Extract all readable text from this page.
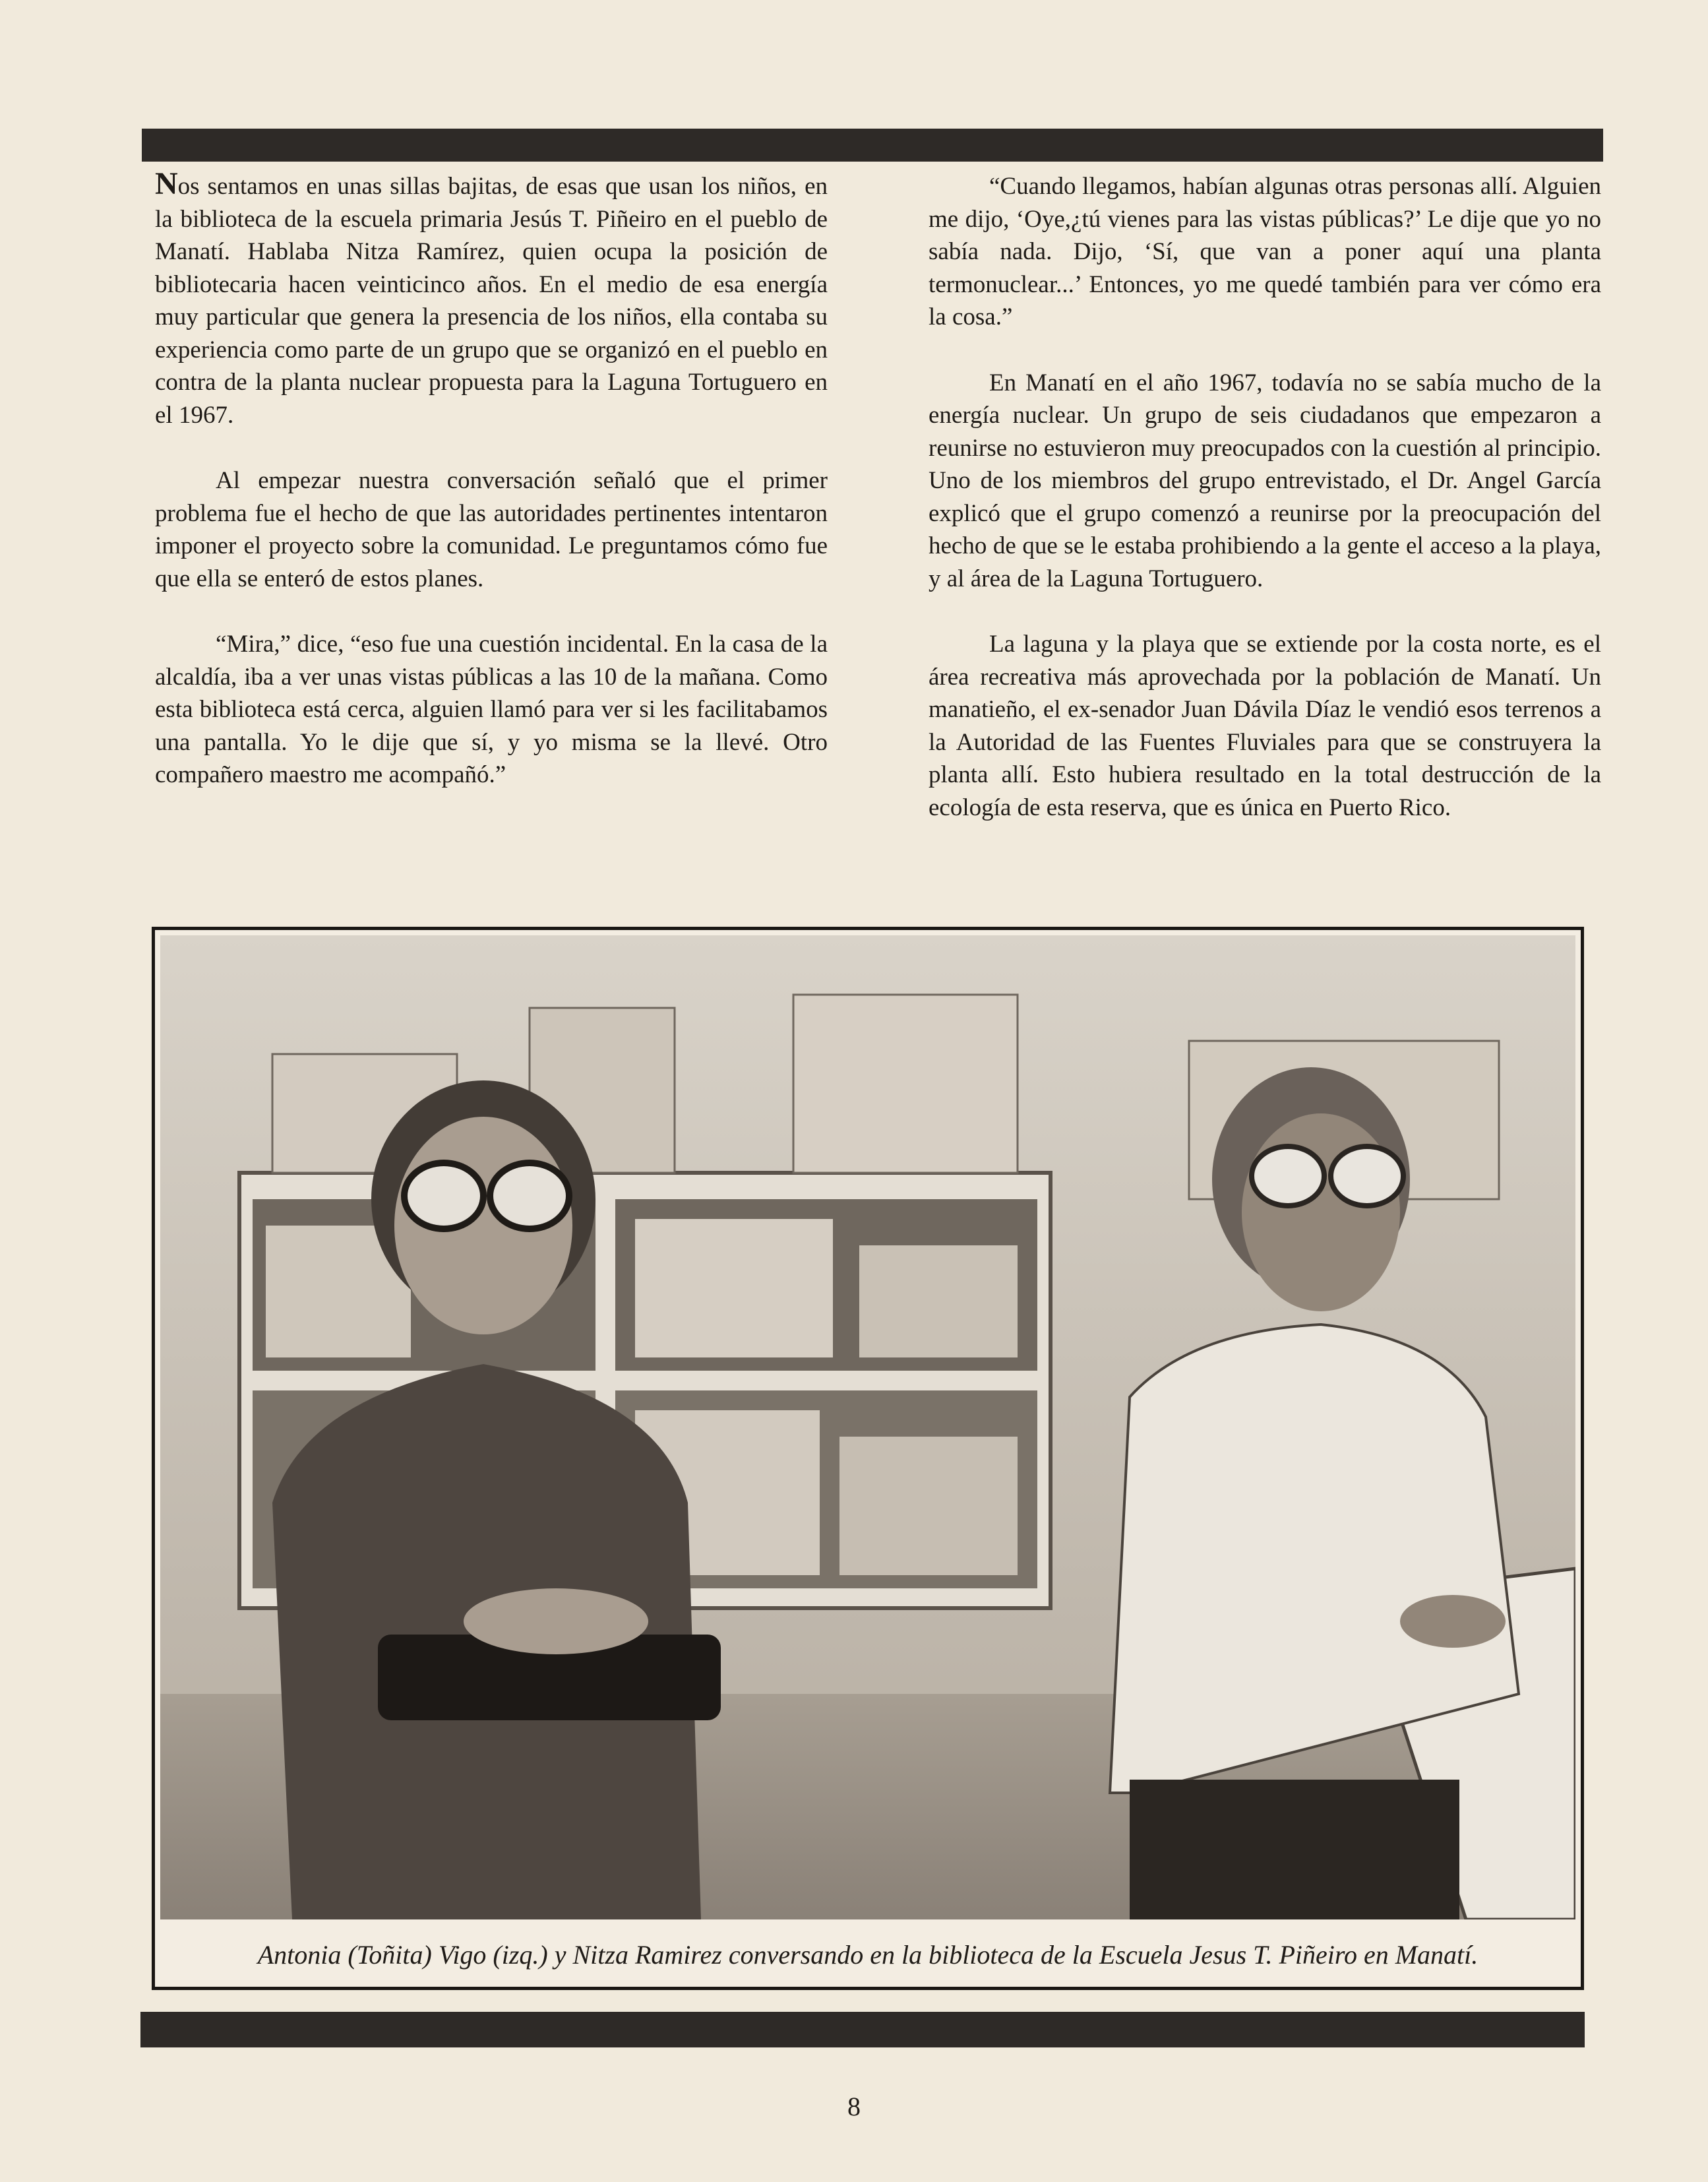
Nos sentamos en unas sillas bajitas, de esas que usan los niños, en la biblioteca de la escuela primaria Jesús T. Piñeiro en el pueblo de Manatí. Hablaba Nitza Ramírez, quien ocupa la posición de bibliotecaria hacen veinticinco años. En el medio de esa energía muy particular que genera la presencia de los niños, ella contaba su experiencia como parte de un grupo que se organizó en el pueblo en contra de la planta nuclear propuesta para la Laguna Tortuguero en el 1967.

Al empezar nuestra conversación señaló que el primer problema fue el hecho de que las autoridades pertinentes intentaron imponer el proyecto sobre la comunidad. Le preguntamos cómo fue que ella se enteró de estos planes.

“Mira,” dice, “eso fue una cuestión incidental. En la casa de la alcaldía, iba a ver unas vistas públicas a las 10 de la mañana. Como esta biblioteca está cerca, alguien llamó para ver si les facilitabamos una pantalla. Yo le dije que sí, y yo misma se la llevé. Otro compañero maestro me acompañó.”

“Cuando llegamos, habían algunas otras personas allí. Alguien me dijo, ‘Oye,¿tú vienes para las vistas públicas?’ Le dije que yo no sabía nada. Dijo, ‘Sí, que van a poner aquí una planta termonuclear...’ Entonces, yo me quedé también para ver cómo era la cosa.”

En Manatí en el año 1967, todavía no se sabía mucho de la energía nuclear. Un grupo de seis ciudadanos que empezaron a reunirse no estuvieron muy preocupados con la cuestión al principio. Uno de los miembros del grupo entrevistado, el Dr. Angel García explicó que el grupo comenzó a reunirse por la preocupación del hecho de que se le estaba prohibiendo a la gente el acceso a la playa, y al área de la Laguna Tortuguero.

La laguna y la playa que se extiende por la costa norte, es el área recreativa más aprovechada por la población de Manatí. Un manatieño, el ex-senador Juan Dávila Díaz le vendió esos terrenos a la Autoridad de las Fuentes Fluviales para que se construyera la planta allí. Esto hubiera resultado en la total destrucción de la ecología de esta reserva, que es única en Puerto Rico.

Antonia (Toñita) Vigo (izq.) y Nitza Ramirez conversando en la biblioteca de la Escuela Jesus T. Piñeiro en Manatí.
8
